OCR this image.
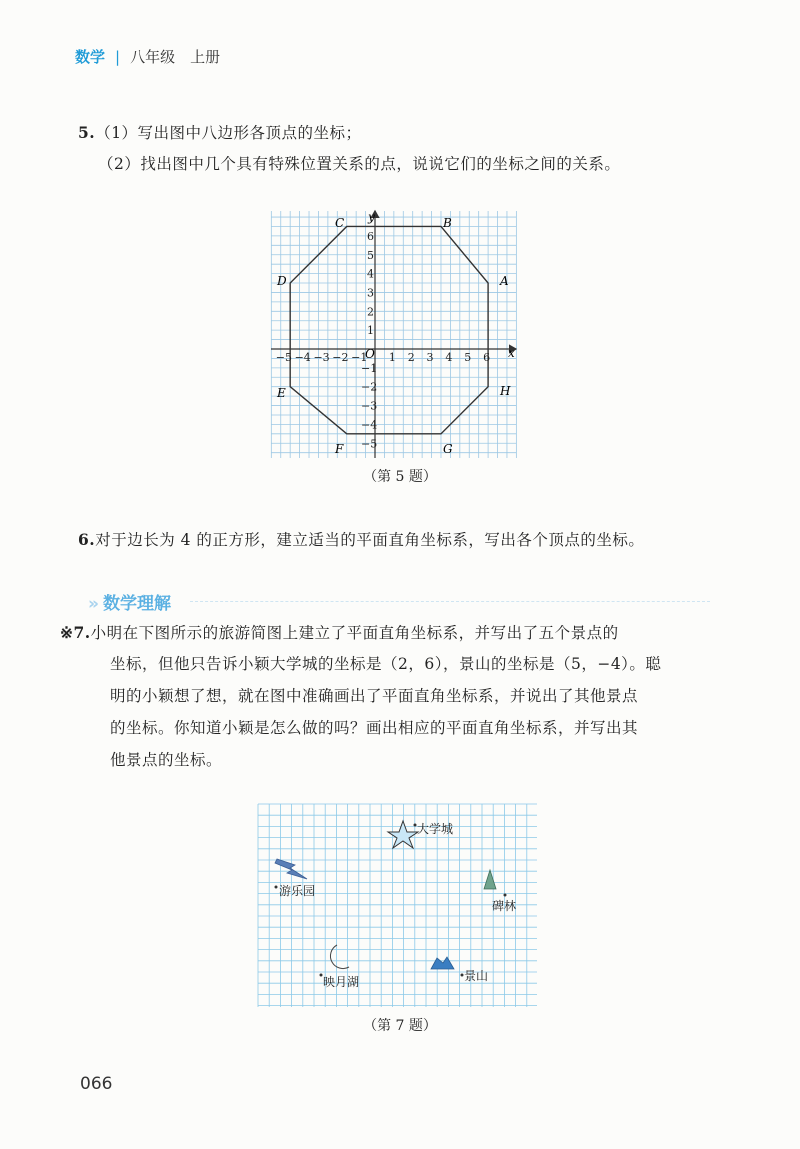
数学 | 八年级　上册
5.（1）写出图中八边形各顶点的坐标；
（2）找出图中几个具有特殊位置关系的点，说说它们的坐标之间的关系。
−5 −4 −3 −2 −1 1 2 3 4 5 6
6
5
4
3
2
1
−1
−2
−3
−4
−5
x
y
O
A
B
C
D
E
F	G
H
（第 5 题）
6.对于边长为 4 的正方形，建立适当的平面直角坐标系，写出各个顶点的坐标。
» 数学理解
※7.小明在下图所示的旅游简图上建立了平面直角坐标系，并写出了五个景点的
坐标，但他只告诉小颖大学城的坐标是（2，6），景山的坐标是（5，−4）。聪
明的小颖想了想，就在图中准确画出了平面直角坐标系，并说出了其他景点
的坐标。你知道小颖是怎么做的吗？画出相应的平面直角坐标系，并写出其
他景点的坐标。
大学城
游乐园
碑林
映月湖	景山
（第 7 题）
066
